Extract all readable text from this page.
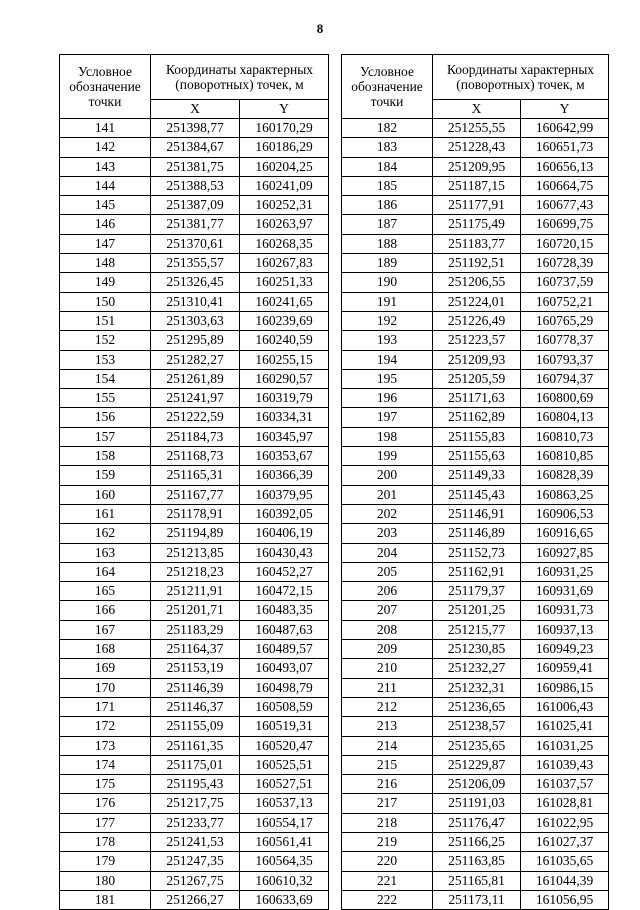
8
Условное обозначение точки	Координаты характерных (поворотных) точек, м	
	X	Y
141	251398,77	160170,29
142	251384,67	160186,29
143	251381,75	160204,25
144	251388,53	160241,09
145	251387,09	160252,31
146	251381,77	160263,97
147	251370,61	160268,35
148	251355,57	160267,83
149	251326,45	160251,33
150	251310,41	160241,65
151	251303,63	160239,69
152	251295,89	160240,59
153	251282,27	160255,15
154	251261,89	160290,57
155	251241,97	160319,79
156	251222,59	160334,31
157	251184,73	160345,97
158	251168,73	160353,67
159	251165,31	160366,39
160	251167,77	160379,95
161	251178,91	160392,05
162	251194,89	160406,19
163	251213,85	160430,43
164	251218,23	160452,27
165	251211,91	160472,15
166	251201,71	160483,35
167	251183,29	160487,63
168	251164,37	160489,57
169	251153,19	160493,07
170	251146,39	160498,79
171	251146,37	160508,59
172	251155,09	160519,31
173	251161,35	160520,47
174	251175,01	160525,51
175	251195,43	160527,51
176	251217,75	160537,13
177	251233,77	160554,17
178	251241,53	160561,41
179	251247,35	160564,35
180	251267,75	160610,32
181	251266,27	160633,69
Условное обозначение точки	Координаты характерных (поворотных) точек, м	
	X	Y
182	251255,55	160642,99
183	251228,43	160651,73
184	251209,95	160656,13
185	251187,15	160664,75
186	251177,91	160677,43
187	251175,49	160699,75
188	251183,77	160720,15
189	251192,51	160728,39
190	251206,55	160737,59
191	251224,01	160752,21
192	251226,49	160765,29
193	251223,57	160778,37
194	251209,93	160793,37
195	251205,59	160794,37
196	251171,63	160800,69
197	251162,89	160804,13
198	251155,83	160810,73
199	251155,63	160810,85
200	251149,33	160828,39
201	251145,43	160863,25
202	251146,91	160906,53
203	251146,89	160916,65
204	251152,73	160927,85
205	251162,91	160931,25
206	251179,37	160931,69
207	251201,25	160931,73
208	251215,77	160937,13
209	251230,85	160949,23
210	251232,27	160959,41
211	251232,31	160986,15
212	251236,65	161006,43
213	251238,57	161025,41
214	251235,65	161031,25
215	251229,87	161039,43
216	251206,09	161037,57
217	251191,03	161028,81
218	251176,47	161022,95
219	251166,25	161027,37
220	251163,85	161035,65
221	251165,81	161044,39
222	251173,11	161056,95
